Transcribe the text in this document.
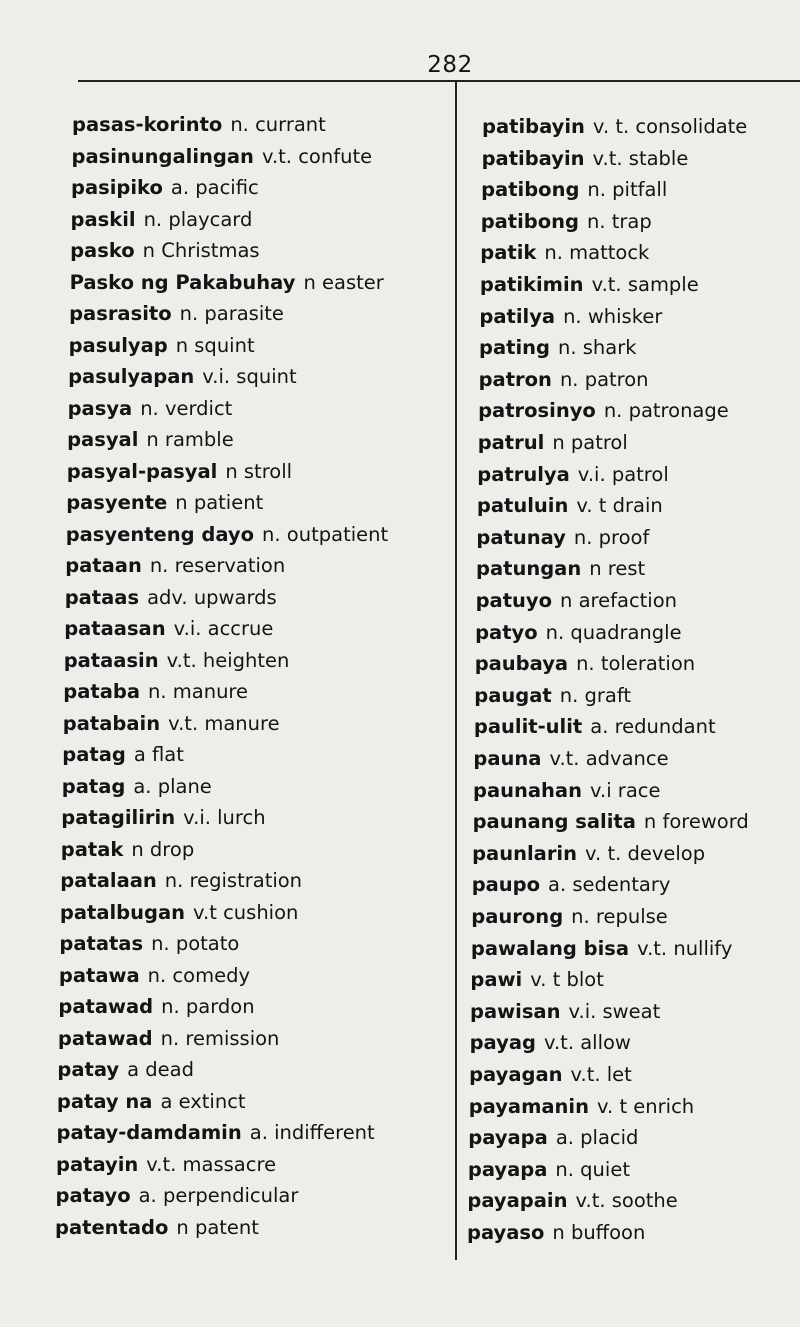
282
pasas-korinto n. currant
pasinungalingan v.t. confute
pasipiko a. pacific
paskil n. playcard
pasko n Christmas
Pasko ng Pakabuhay n easter
pasrasito n. parasite
pasulyap n squint
pasulyapan v.i. squint
pasya n. verdict
pasyal n ramble
pasyal-pasyal n stroll
pasyente n patient
pasyenteng dayo n. outpatient
pataan n. reservation
pataas adv. upwards
pataasan v.i. accrue
pataasin v.t. heighten
pataba n. manure
patabain v.t. manure
patag a flat
patag a. plane
patagilirin v.i. lurch
patak n drop
patalaan n. registration
patalbugan v.t cushion
patatas n. potato
patawa n. comedy
patawad n. pardon
patawad n. remission
patay a dead
patay na a extinct
patay-damdamin a. indifferent
patayin v.t. massacre
patayo a. perpendicular
patentado n patent
patibayin v. t. consolidate
patibayin v.t. stable
patibong n. pitfall
patibong n. trap
patik n. mattock
patikimin v.t. sample
patilya n. whisker
pating n. shark
patron n. patron
patrosinyo n. patronage
patrul n patrol
patrulya v.i. patrol
patuluin v. t drain
patunay n. proof
patungan n rest
patuyo n arefaction
patyo n. quadrangle
paubaya n. toleration
paugat n. graft
paulit-ulit a. redundant
pauna v.t. advance
paunahan v.i race
paunang salita n foreword
paunlarin v. t. develop
paupo a. sedentary
paurong n. repulse
pawalang bisa v.t. nullify
pawi v. t blot
pawisan v.i. sweat
payag v.t. allow
payagan v.t. let
payamanin v. t enrich
payapa a. placid
payapa n. quiet
payapain v.t. soothe
payaso n buffoon
